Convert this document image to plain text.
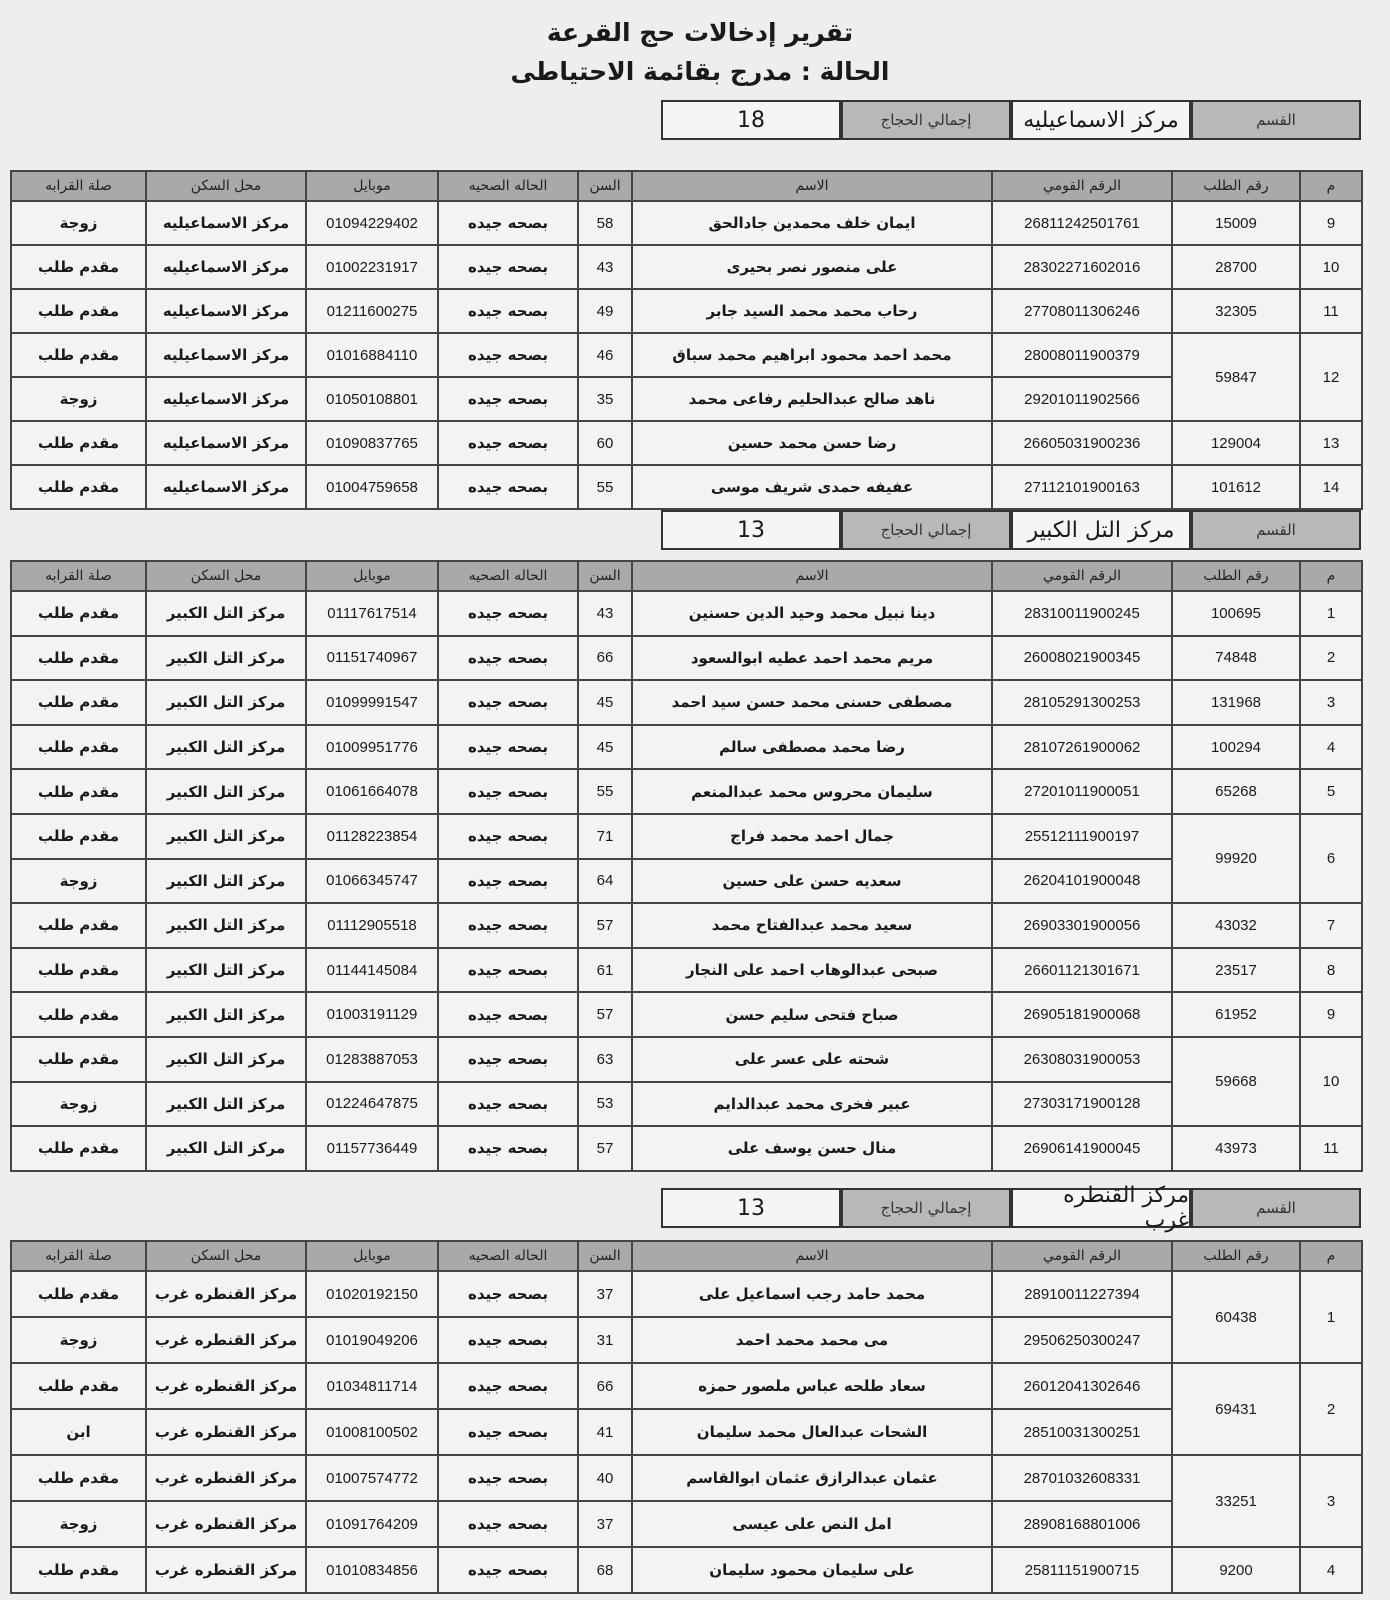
تقرير إدخالات حج القرعة
الحالة : مدرج بقائمة الاحتياطى
القسم
مركز الاسماعيليه
إجمالي الحجاج
18
م	رقم الطلب	الرقم القومي	الاسم	السن	الحاله الصحيه	موبايل	محل السكن	صلة القرابه
9	15009	26811242501761	ايمان خلف محمدين جادالحق	58	بصحه جيده	01094229402	مركز الاسماعيليه	زوجة
10	28700	28302271602016	على منصور نصر بحيرى	43	بصحه جيده	01002231917	مركز الاسماعيليه	مقدم طلب
11	32305	27708011306246	رحاب محمد محمد السيد جابر	49	بصحه جيده	01211600275	مركز الاسماعيليه	مقدم طلب
12	59847	28008011900379	محمد احمد محمود ابراهيم محمد سباق	46	بصحه جيده	01016884110	مركز الاسماعيليه	مقدم طلب
		29201011902566	ناهد صالح عبدالحليم رفاعى محمد	35	بصحه جيده	01050108801	مركز الاسماعيليه	زوجة
13	129004	26605031900236	رضا حسن محمد حسين	60	بصحه جيده	01090837765	مركز الاسماعيليه	مقدم طلب
14	101612	27112101900163	عفيفه حمدى شريف موسى	55	بصحه جيده	01004759658	مركز الاسماعيليه	مقدم طلب
القسم
مركز التل الكبير
إجمالي الحجاج
13
م	رقم الطلب	الرقم القومي	الاسم	السن	الحاله الصحيه	موبايل	محل السكن	صلة القرابه
1	100695	28310011900245	دينا نبيل محمد وحيد الدين حسنين	43	بصحه جيده	01117617514	مركز التل الكبير	مقدم طلب
2	74848	26008021900345	مريم محمد احمد عطيه ابوالسعود	66	بصحه جيده	01151740967	مركز التل الكبير	مقدم طلب
3	131968	28105291300253	مصطفى حسنى محمد حسن سيد احمد	45	بصحه جيده	01099991547	مركز التل الكبير	مقدم طلب
4	100294	28107261900062	رضا محمد مصطفى سالم	45	بصحه جيده	01009951776	مركز التل الكبير	مقدم طلب
5	65268	27201011900051	سليمان محروس محمد عبدالمنعم	55	بصحه جيده	01061664078	مركز التل الكبير	مقدم طلب
6	99920	25512111900197	جمال احمد محمد فراج	71	بصحه جيده	01128223854	مركز التل الكبير	مقدم طلب
		26204101900048	سعديه حسن على حسين	64	بصحه جيده	01066345747	مركز التل الكبير	زوجة
7	43032	26903301900056	سعيد محمد عبدالفتاح محمد	57	بصحه جيده	01112905518	مركز التل الكبير	مقدم طلب
8	23517	26601121301671	صبحى عبدالوهاب احمد على النجار	61	بصحه جيده	01144145084	مركز التل الكبير	مقدم طلب
9	61952	26905181900068	صباح فتحى سليم حسن	57	بصحه جيده	01003191129	مركز التل الكبير	مقدم طلب
10	59668	26308031900053	شحته على عسر على	63	بصحه جيده	01283887053	مركز التل الكبير	مقدم طلب
		27303171900128	عبير فخرى محمد عبدالدايم	53	بصحه جيده	01224647875	مركز التل الكبير	زوجة
11	43973	26906141900045	منال حسن يوسف على	57	بصحه جيده	01157736449	مركز التل الكبير	مقدم طلب
القسم
مركز القنطره غرب
إجمالي الحجاج
13
م	رقم الطلب	الرقم القومي	الاسم	السن	الحاله الصحيه	موبايل	محل السكن	صلة القرابه
1	60438	28910011227394	محمد حامد رجب اسماعيل على	37	بصحه جيده	01020192150	مركز القنطره غرب	مقدم طلب
		29506250300247	مى محمد محمد احمد	31	بصحه جيده	01019049206	مركز القنطره غرب	زوجة
2	69431	26012041302646	سعاد طلحه عباس ملصور حمزه	66	بصحه جيده	01034811714	مركز القنطره غرب	مقدم طلب
		28510031300251	الشحات عبدالعال محمد سليمان	41	بصحه جيده	01008100502	مركز القنطره غرب	ابن
3	33251	28701032608331	عثمان عبدالرازق عثمان ابوالقاسم	40	بصحه جيده	01007574772	مركز القنطره غرب	مقدم طلب
		28908168801006	امل النص على عيسى	37	بصحه جيده	01091764209	مركز القنطره غرب	زوجة
4	9200	25811151900715	على سليمان محمود سليمان	68	بصحه جيده	01010834856	مركز القنطره غرب	مقدم طلب
